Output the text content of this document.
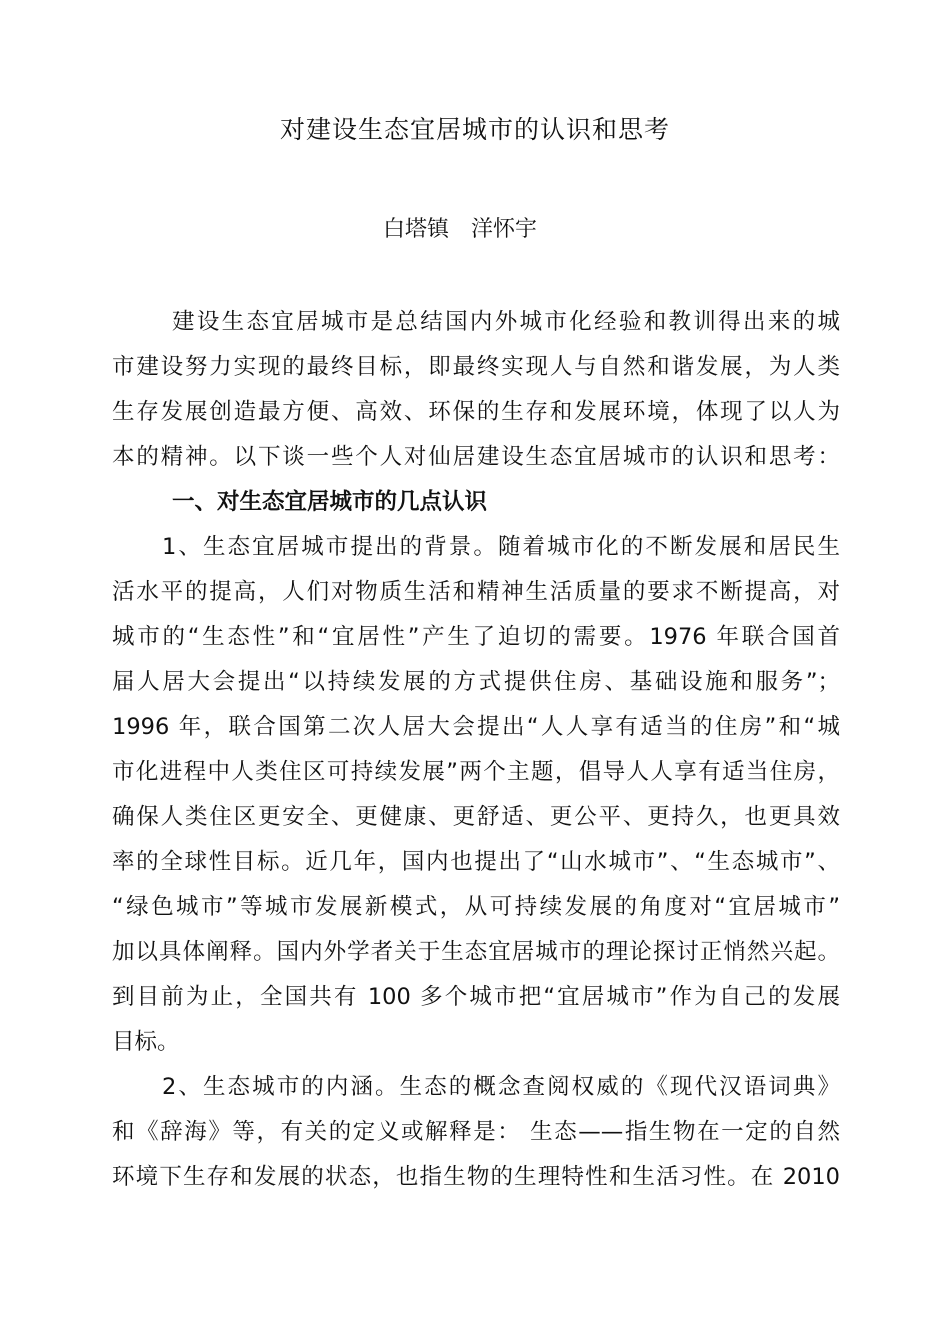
对建设生态宜居城市的认识和思考
白塔镇　洋怀宇
建设生态宜居城市是总结国内外城市化经验和教训得出来的城
市建设努力实现的最终目标，即最终实现人与自然和谐发展，为人类
生存发展创造最方便、高效、环保的生存和发展环境，体现了以人为
本的精神。以下谈一些个人对仙居建设生态宜居城市的认识和思考：
一、对生态宜居城市的几点认识
1、生态宜居城市提出的背景。随着城市化的不断发展和居民生
活水平的提高，人们对物质生活和精神生活质量的要求不断提高，对
城市的“生态性”和“宜居性”产生了迫切的需要。1976 年联合国首
届人居大会提出“以持续发展的方式提供住房、基础设施和服务”；
1996 年，联合国第二次人居大会提出“人人享有适当的住房”和“城
市化进程中人类住区可持续发展”两个主题，倡导人人享有适当住房，
确保人类住区更安全、更健康、更舒适、更公平、更持久，也更具效
率的全球性目标。近几年，国内也提出了“山水城市”、“生态城市”、
“绿色城市”等城市发展新模式，从可持续发展的角度对“宜居城市”
加以具体阐释。国内外学者关于生态宜居城市的理论探讨正悄然兴起。
到目前为止，全国共有 100 多个城市把“宜居城市”作为自己的发展
目标。
2、生态城市的内涵。生态的概念查阅权威的《现代汉语词典》
和《辞海》等，有关的定义或解释是： 生态——指生物在一定的自然
环境下生存和发展的状态，也指生物的生理特性和生活习性。在 2010
